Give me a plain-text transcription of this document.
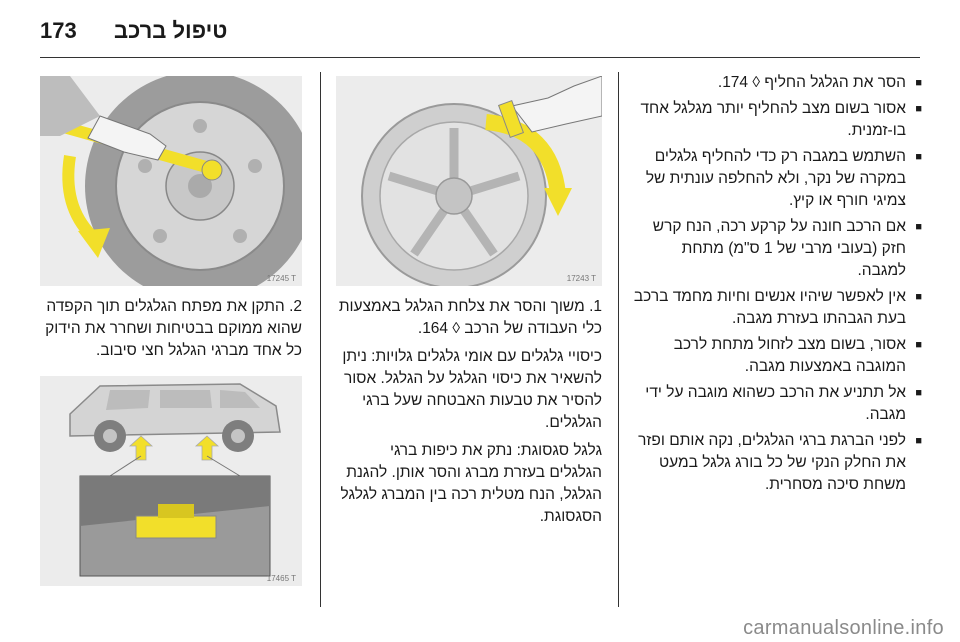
173 טיפול ברכב
■ הסר את הגלגל החליף ◊ 174.
■ אסור בשום מצב להחליף יותר מגלגל אחד בו-זמנית.
■ השתמש במגבה רק כדי להחליף גלגלים במקרה של נקר, ולא להחלפה עונתית של צמיגי חורף או קיץ.
■ אם הרכב חונה על קרקע רכה, הנח קרש חזק (בעובי מרבי של 1 ס"מ) מתחת למגבה.
■ אין לאפשר שיהיו אנשים וחיות מחמד ברכב בעת הגבהתו בעזרת מגבה.
■ אסור, בשום מצב לזחול מתחת לרכב המוגבה באמצעות מגבה.
■ אל תתניע את הרכב כשהוא מוגבה על ידי מגבה.
■ לפני הברגת ברגי הגלגלים, נקה אותם ופזר את החלק הנקי של כל בורג גלגל במעט משחת סיכה מסחרית.
17243 T

1. משוך והסר את צלחת הגלגל באמצעות כלי העבודה של הרכב ◊ 164.

כיסויי גלגלים עם אומי גלגלים גלויות: ניתן להשאיר את כיסוי הגלגל על הגלגל. אסור להסיר את טבעות האבטחה שעל ברגי הגלגלים.

גלגל סגסוגת: נתק את כיפות ברגי הגלגלים בעזרת מברג והסר אותן. להגנת הגלגל, הנח מטלית רכה בין המברג לגלגל הסגסוגת.

17245 T

2. התקן את מפתח הגלגלים תוך הקפדה שהוא ממוקם בבטיחות ושחרר את הידוק כל אחד מברגי הגלגל חצי סיבוב.

17465 T
carmanualsonline.info
